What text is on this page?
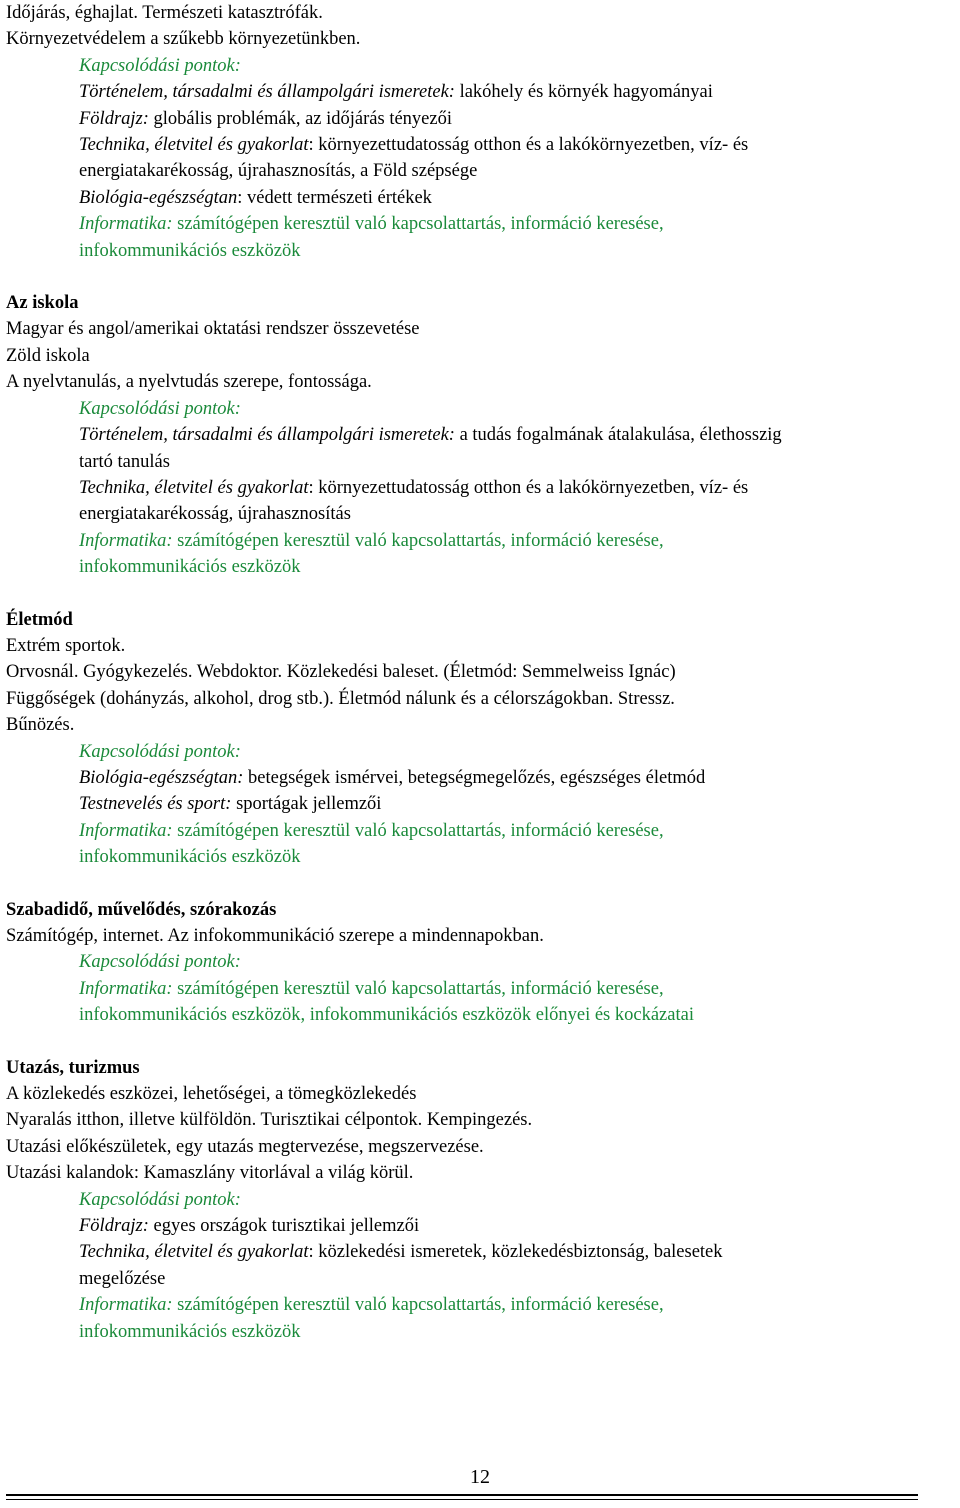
Időjárás, éghajlat. Természeti katasztrófák.
Környezetvédelem a szűkebb környezetünkben.
Kapcsolódási pontok:
Történelem, társadalmi és állampolgári ismeretek: lakóhely és környék hagyományai
Földrajz: globális problémák, az időjárás tényezői
Technika, életvitel és gyakorlat: környezettudatosság otthon és a lakókörnyezetben, víz- és
energiatakarékosság, újrahasznosítás, a Föld szépsége
Biológia-egészségtan: védett természeti értékek
Informatika: számítógépen keresztül való kapcsolattartás, információ keresése,
infokommunikációs eszközök
Az iskola
Magyar és angol/amerikai oktatási rendszer összevetése
Zöld iskola
A nyelvtanulás, a nyelvtudás szerepe, fontossága.
Kapcsolódási pontok:
Történelem, társadalmi és állampolgári ismeretek: a tudás fogalmának átalakulása, élethosszig
tartó tanulás
Technika, életvitel és gyakorlat: környezettudatosság otthon és a lakókörnyezetben, víz- és
energiatakarékosság, újrahasznosítás
Informatika: számítógépen keresztül való kapcsolattartás, információ keresése,
infokommunikációs eszközök
Életmód
Extrém sportok.
Orvosnál. Gyógykezelés. Webdoktor. Közlekedési baleset. (Életmód: Semmelweiss Ignác)
Függőségek (dohányzás, alkohol, drog stb.). Életmód nálunk és a célországokban. Stressz.
Bűnözés.
Kapcsolódási pontok:
Biológia-egészségtan: betegségek ismérvei, betegségmegelőzés, egészséges életmód
Testnevelés és sport: sportágak jellemzői
Informatika: számítógépen keresztül való kapcsolattartás, információ keresése,
infokommunikációs eszközök
Szabadidő, művelődés, szórakozás
Számítógép, internet. Az infokommunikáció szerepe a mindennapokban.
Kapcsolódási pontok:
Informatika: számítógépen keresztül való kapcsolattartás, információ keresése,
infokommunikációs eszközök, infokommunikációs eszközök előnyei és kockázatai
Utazás, turizmus
A közlekedés eszközei, lehetőségei, a tömegközlekedés
Nyaralás itthon, illetve külföldön. Turisztikai célpontok. Kempingezés.
Utazási előkészületek, egy utazás megtervezése, megszervezése.
Utazási kalandok: Kamaszlány vitorlával a világ körül.
Kapcsolódási pontok:
Földrajz: egyes országok turisztikai jellemzői
Technika, életvitel és gyakorlat: közlekedési ismeretek, közlekedésbiztonság, balesetek
megelőzése
Informatika: számítógépen keresztül való kapcsolattartás, információ keresése,
infokommunikációs eszközök
12
